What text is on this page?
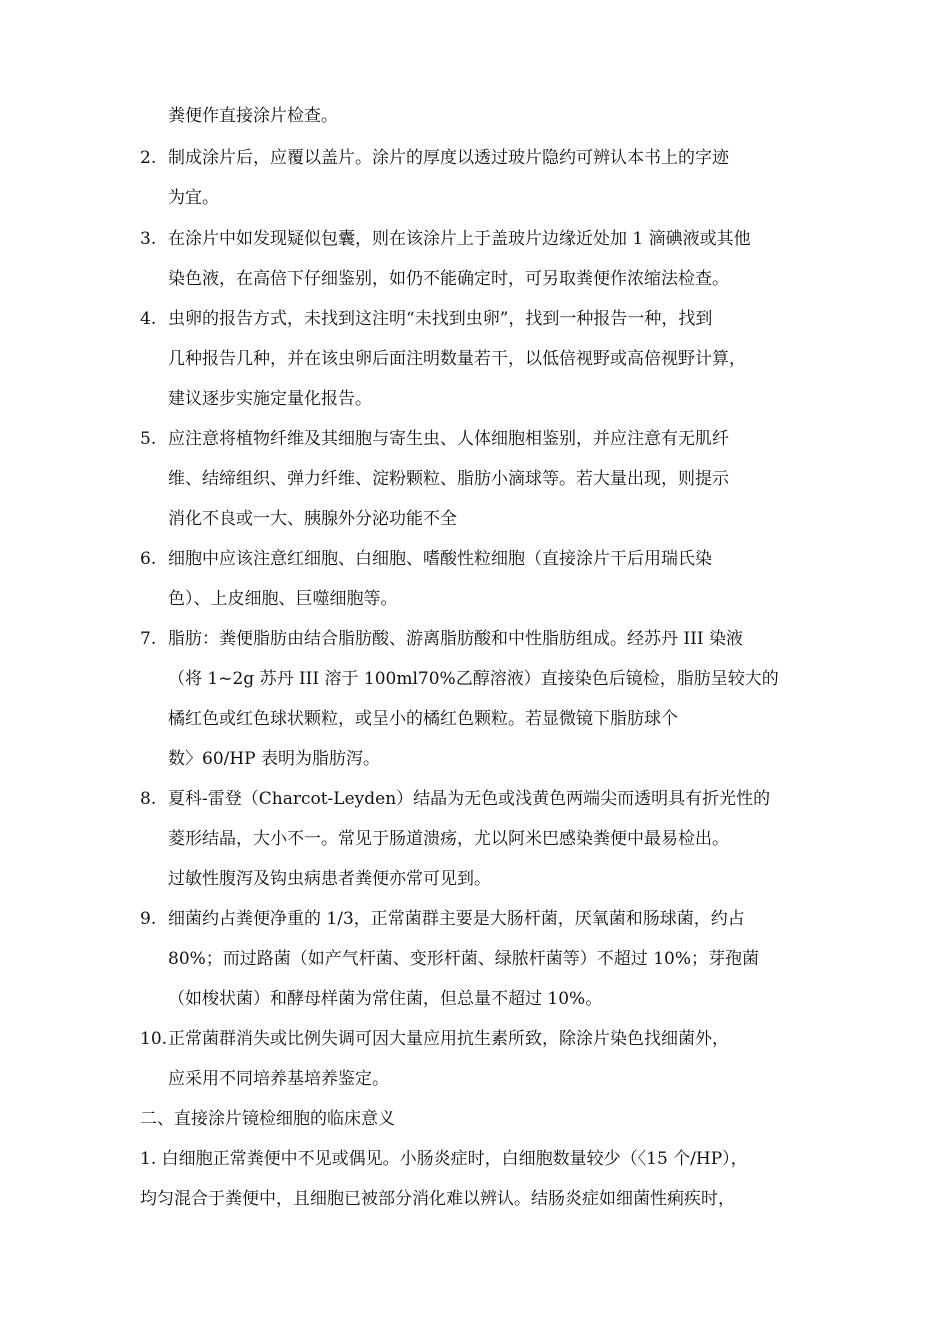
粪便作直接涂片检查。
2. 制成涂片后，应覆以盖片。涂片的厚度以透过玻片隐约可辨认本书上的字迹
为宜。
3. 在涂片中如发现疑似包囊，则在该涂片上于盖玻片边缘近处加 1 滴碘液或其他
染色液，在高倍下仔细鉴别，如仍不能确定时，可另取粪便作浓缩法检查。
4. 虫卵的报告方式，未找到这注明“未找到虫卵”，找到一种报告一种，找到
几种报告几种，并在该虫卵后面注明数量若干，以低倍视野或高倍视野计算，
建议逐步实施定量化报告。
5. 应注意将植物纤维及其细胞与寄生虫、人体细胞相鉴别，并应注意有无肌纤
维、结缔组织、弹力纤维、淀粉颗粒、脂肪小滴球等。若大量出现，则提示
消化不良或一大、胰腺外分泌功能不全
6. 细胞中应该注意红细胞、白细胞、嗜酸性粒细胞（直接涂片干后用瑞氏染
色）、上皮细胞、巨噬细胞等。
7. 脂肪：粪便脂肪由结合脂肪酸、游离脂肪酸和中性脂肪组成。经苏丹 III 染液
（将 1~2g 苏丹 III 溶于 100ml70%乙醇溶液）直接染色后镜检，脂肪呈较大的
橘红色或红色球状颗粒，或呈小的橘红色颗粒。若显微镜下脂肪球个
数〉60/HP 表明为脂肪泻。
8. 夏科-雷登（Charcot-Leyden）结晶为无色或浅黄色两端尖而透明具有折光性的
菱形结晶，大小不一。常见于肠道溃疡，尤以阿米巴感染粪便中最易检出。
过敏性腹泻及钩虫病患者粪便亦常可见到。
9. 细菌约占粪便净重的 1/3，正常菌群主要是大肠杆菌，厌氧菌和肠球菌，约占
80%；而过路菌（如产气杆菌、变形杆菌、绿脓杆菌等）不超过 10%；芽孢菌
（如梭状菌）和酵母样菌为常住菌，但总量不超过 10%。
10. 正常菌群消失或比例失调可因大量应用抗生素所致，除涂片染色找细菌外，
应采用不同培养基培养鉴定。
二、直接涂片镜检细胞的临床意义
1. 白细胞正常粪便中不见或偶见。小肠炎症时，白细胞数量较少（〈15 个/HP），
均匀混合于粪便中，且细胞已被部分消化难以辨认。结肠炎症如细菌性痢疾时，
